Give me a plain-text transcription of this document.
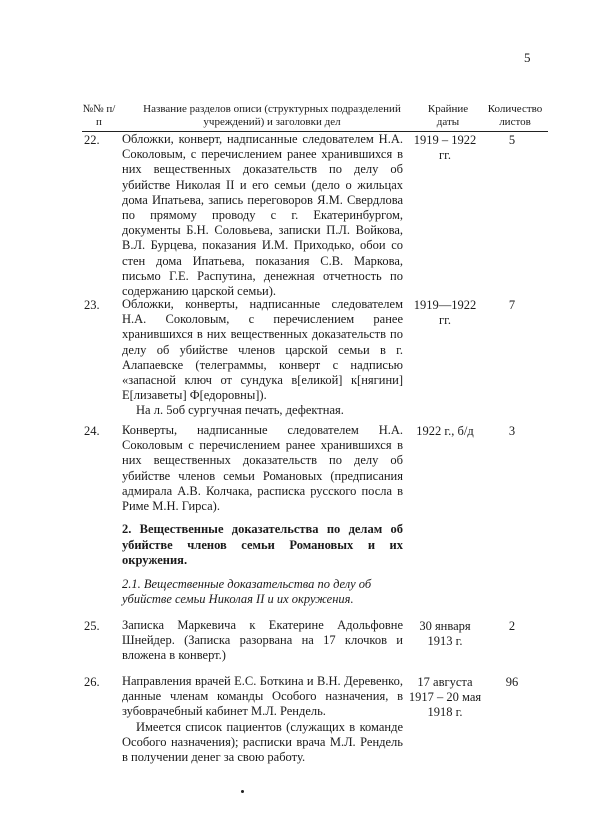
5
№№ п/п
Название разделов описи (структурных подразделений учреждений) и заголовки дел
Крайние даты
Количество листов
22. Обложки, конверт, надписанные следователем Н.А. Соколовым, с перечислением ранее хранившихся в них вещественных доказательств по делу об убийстве Николая II и его семьи (дело о жильцах дома Ипатьева, запись переговоров Я.М. Свердлова по прямому проводу с г. Екатеринбургом, документы Б.Н. Соловьева, записки П.Л. Войкова, В.Л. Бурцева, показания И.М. Приходько, обои со стен дома Ипатьева, показания С.В. Маркова, письмо Г.Е. Распутина, денежная отчетность по содержанию царской семьи).

1919 – 1922 гг.
5
23. Обложки, конверты, надписанные следователем Н.А. Соколовым, с перечислением ранее хранившихся в них вещественных доказательств по делу об убийстве членов царской семьи в г. Алапаевске (телеграммы, конверт с надписью «запасной ключ от сундука в[еликой] к[нягини] Е[лизаветы] Ф[едоровны]).

На л. 5об сургучная печать, дефектная.

1919—1922 гг.
7
24. Конверты, надписанные следователем Н.А. Соколовым с перечислением ранее хранившихся в них вещественных доказательств по делу об убийстве членов семьи Романовых (предписания адмирала А.В. Колчака, расписка русского посла в Риме М.Н. Гирса).

1922 г., б/д	3
2. Вещественные доказательства по делам об убийстве членов семьи Романовых и их окружения.
2.1. Вещественные доказательства по делу об убийстве семьи Николая II и их окружения.
25. Записка Маркевича к Екатерине Адольфовне Шнейдер. (Записка разорвана на 17 клочков и вложена в конверт.)

30 января 1913 г.
2
26. Направления врачей Е.С. Боткина и В.Н. Деревенко, данные членам команды Особого назначения, в зубоврачебный кабинет М.Л. Рендель.

Имеется список пациентов (служащих в команде Особого назначения); расписки врача М.Л. Рендель в получении денег за свою работу.

17 августа 1917 – 20 мая 1918 г.
96
